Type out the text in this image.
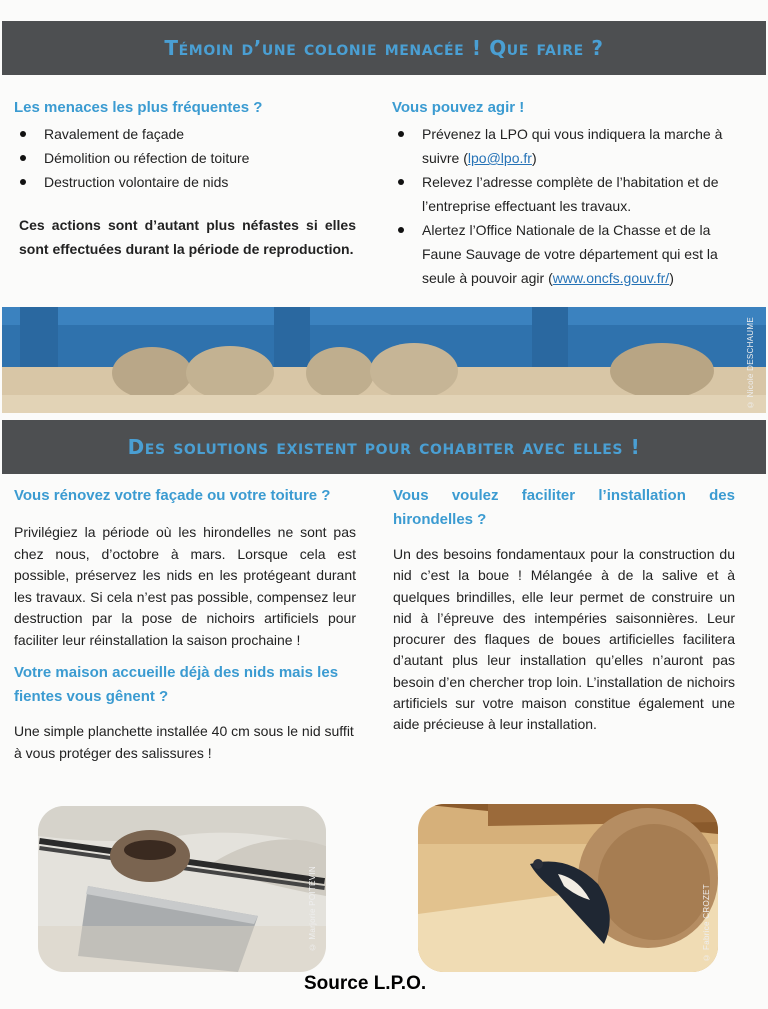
Témoin d’une colonie menacée ! Que faire ?
Les menaces les plus fréquentes ?
Ravalement de façade
Démolition ou réfection de toiture
Destruction volontaire de nids
Ces actions sont d’autant plus néfastes si elles sont effectuées durant la période de reproduction.
Vous pouvez agir !
Prévenez la LPO qui vous indiquera la marche à suivre (lpo@lpo.fr)
Relevez l’adresse complète de l’habitation et de l’entreprise effectuant les travaux.
Alertez l’Office Nationale de la Chasse et de la Faune Sauvage de votre département qui est la seule à pouvoir agir (www.oncfs.gouv.fr/)
© Nicole DESCHAUME
Des solutions existent pour cohabiter avec elles !
Vous rénovez votre façade ou votre toiture ?
Privilégiez la période où les hirondelles ne sont pas chez nous, d’octobre à mars. Lorsque cela est possible, préservez les nids en les protégeant durant les travaux. Si cela n’est pas possible, compensez leur destruction par la pose de nichoirs artificiels pour faciliter leur réinstallation la saison prochaine !
Votre maison accueille déjà des nids mais les fientes vous gênent ?
Une simple planchette installée 40 cm sous le nid suffit à vous protéger des salissures !
Vous voulez faciliter l’installation des hirondelles ?
Un des besoins fondamentaux pour la construction du nid c’est la boue ! Mélangée à de la salive et à quelques brindilles, elle leur permet de construire un nid à l’épreuve des intempéries saisonnières. Leur procurer des flaques de boues artificielles facilitera d’autant plus leur installation qu’elles n’auront pas besoin d’en chercher trop loin. L’installation de nichoirs artificiels sur votre maison constitue également une aide précieuse à leur installation.
© Marjorie POITEVIN	© Fabrice CROZET
Source L.P.O.
